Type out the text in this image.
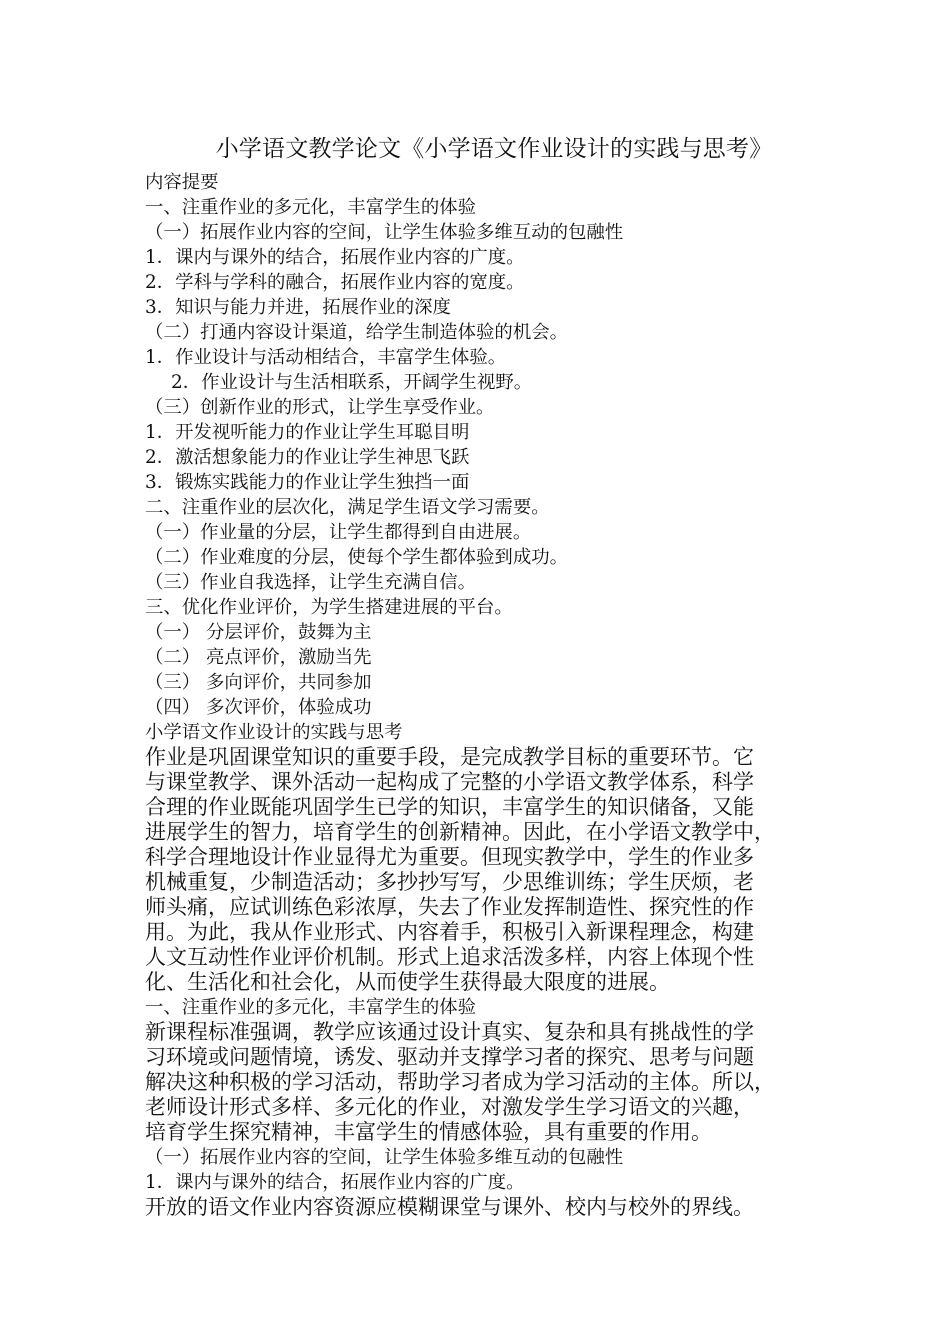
小学语文教学论文《小学语文作业设计的实践与思考》
内容提要
一、注重作业的多元化，丰富学生的体验
（一）拓展作业内容的空间，让学生体验多维互动的包融性
1．课内与课外的结合，拓展作业内容的广度。
2．学科与学科的融合，拓展作业内容的宽度。
3．知识与能力并进，拓展作业的深度
（二）打通内容设计渠道，给学生制造体验的机会。
1．作业设计与活动相结合，丰富学生体验。
2．作业设计与生活相联系，开阔学生视野。
（三）创新作业的形式，让学生享受作业。
1．开发视听能力的作业让学生耳聪目明
2．激活想象能力的作业让学生神思飞跃
3．锻炼实践能力的作业让学生独挡一面
二、注重作业的层次化，满足学生语文学习需要。
（一）作业量的分层，让学生都得到自由进展。
（二）作业难度的分层，使每个学生都体验到成功。
（三）作业自我选择，让学生充满自信。
三、优化作业评价，为学生搭建进展的平台。
（一） 分层评价，鼓舞为主
（二） 亮点评价，激励当先
（三） 多向评价，共同参加
（四） 多次评价，体验成功
小学语文作业设计的实践与思考
作业是巩固课堂知识的重要手段，是完成教学目标的重要环节。它
与课堂教学、课外活动一起构成了完整的小学语文教学体系，科学
合理的作业既能巩固学生已学的知识，丰富学生的知识储备，又能
进展学生的智力，培育学生的创新精神。因此，在小学语文教学中，
科学合理地设计作业显得尤为重要。但现实教学中，学生的作业多
机械重复，少制造活动；多抄抄写写，少思维训练；学生厌烦，老
师头痛，应试训练色彩浓厚，失去了作业发挥制造性、探究性的作
用。为此，我从作业形式、内容着手，积极引入新课程理念，构建
人文互动性作业评价机制。形式上追求活泼多样，内容上体现个性
化、生活化和社会化，从而使学生获得最大限度的进展。
一、注重作业的多元化，丰富学生的体验
新课程标准强调，教学应该通过设计真实、复杂和具有挑战性的学
习环境或问题情境，诱发、驱动并支撑学习者的探究、思考与问题
解决这种积极的学习活动，帮助学习者成为学习活动的主体。所以，
老师设计形式多样、多元化的作业，对激发学生学习语文的兴趣，
培育学生探究精神，丰富学生的情感体验，具有重要的作用。
（一）拓展作业内容的空间，让学生体验多维互动的包融性
1．课内与课外的结合，拓展作业内容的广度。
开放的语文作业内容资源应模糊课堂与课外、校内与校外的界线。
